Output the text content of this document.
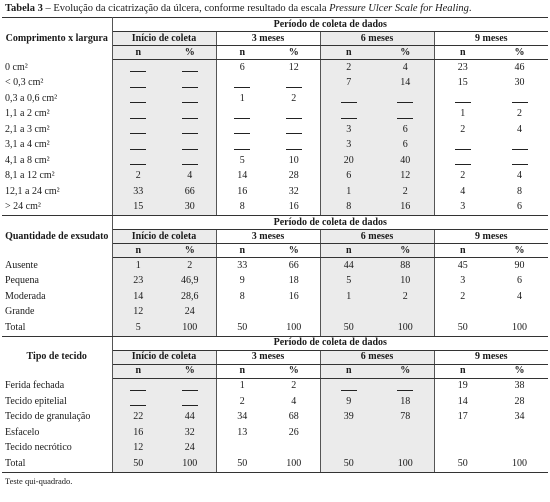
Tabela 3 – Evolução da cicatrização da úlcera, conforme resultado da escala Pressure Ulcer Scale for Healing.
Comprimento x largura	Período de coleta de dados							
	Início de coleta		3 meses		6 meses		9 meses	
	n	%	n	%	n	%	n	%
0 cm²			6	12	2	4	23	46
< 0,3 cm²					7	14	15	30
0,3 a 0,6 cm²			1	2				
1,1 a 2 cm²							1	2
2,1 a 3 cm²					3	6	2	4
3,1 a 4 cm²					3	6		
4,1 a 8 cm²			5	10	20	40		
8,1 a 12 cm²	2	4	14	28	6	12	2	4
12,1 a 24 cm²	33	66	16	32	1	2	4	8
> 24 cm²	15	30	8	16	8	16	3	6
Quantidade de exsudato	Período de coleta de dados							
	Início de coleta		3 meses		6 meses		9 meses	
	n	%	n	%	n	%	n	%
Ausente	1	2	33	66	44	88	45	90
Pequena	23	46,9	9	18	5	10	3	6
Moderada	14	28,6	8	16	1	2	2	4
Grande	12	24						
Total	5	100	50	100	50	100	50	100
Tipo de tecido	Período de coleta de dados							
	Início de coleta		3 meses		6 meses		9 meses	
	n	%	n	%	n	%	n	%
Ferida fechada			1	2			19	38
Tecido epitelial			2	4	9	18	14	28
Tecido de granulação	22	44	34	68	39	78	17	34
Esfacelo	16	32	13	26				
Tecido necrótico	12	24						
Total	50	100	50	100	50	100	50	100
Teste qui-quadrado.
